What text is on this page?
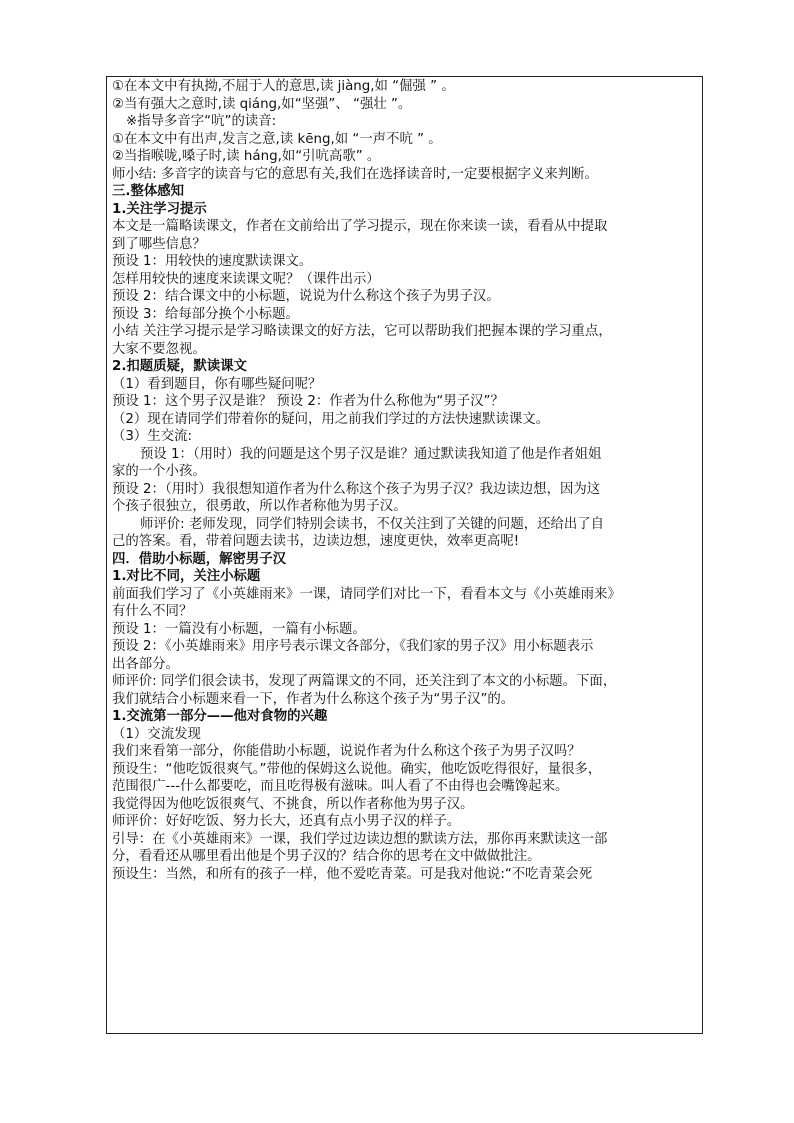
①在本文中有执拗,不屈于人的意思,读 jiàng,如 “倔强 ” 。
②当有强大之意时,读 qiáng,如“坚强”、 “强壮 ”。
※指导多音字“吭”的读音:
①在本文中有出声,发言之意,读 kēng,如 “一声不吭 ” 。
②当指喉咙,嗓子时,读 háng,如“引吭高歌” 。
师小结: 多音字的读音与它的意思有关,我们在选择读音时,一定要根据字义来判断。
三.整体感知
1.关注学习提示
本文是一篇略读课文，作者在文前给出了学习提示，现在你来读一读，看看从中提取
到了哪些信息？
预设 1：用较快的速度默读课文。
怎样用较快的速度来读课文呢？（课件出示）
预设 2：结合课文中的小标题，说说为什么称这个孩子为男子汉。
预设 3：给每部分换个小标题。
小结 关注学习提示是学习略读课文的好方法，它可以帮助我们把握本课的学习重点，
大家不要忽视。
2.扣题质疑，默读课文
（1）看到题目，你有哪些疑问呢？
预设 1：这个男子汉是谁？ 预设 2：作者为什么称他为“男子汉”？
（2）现在请同学们带着你的疑问，用之前我们学过的方法快速默读课文。
（3）生交流:
预设 1：（用时）我的问题是这个男子汉是谁？通过默读我知道了他是作者姐姐
家的一个小孩。
预设 2：（用时）我很想知道作者为什么称这个孩子为男子汉？我边读边想，因为这
个孩子很独立，很勇敢，所以作者称他为男子汉。
师评价: 老师发现，同学们特别会读书，不仅关注到了关键的问题，还给出了自
己的答案。看，带着问题去读书，边读边想，速度更快，效率更高呢!
四．借助小标题，解密男子汉
1.对比不同，关注小标题
前面我们学习了《小英雄雨来》一课，请同学们对比一下，看看本文与《小英雄雨来》
有什么不同？
预设 1：一篇没有小标题，一篇有小标题。
预设 2：《小英雄雨来》用序号表示课文各部分，《我们家的男子汉》用小标题表示
出各部分。
师评价: 同学们很会读书，发现了两篇课文的不同，还关注到了本文的小标题。下面，
我们就结合小标题来看一下，作者为什么称这个孩子为“男子汉”的。
1.交流第一部分——他对食物的兴趣
（1）交流发现
我们来看第一部分，你能借助小标题，说说作者为什么称这个孩子为男子汉吗？
预设生：“他吃饭很爽气。”带他的保姆这么说他。确实，他吃饭吃得很好，量很多，
范围很广---什么都要吃，而且吃得极有滋味。叫人看了不由得也会嘴馋起来。
我觉得因为他吃饭很爽气、不挑食，所以作者称他为男子汉。
师评价：好好吃饭、努力长大，还真有点小男子汉的样子。
引导：在《小英雄雨来》一课，我们学过边读边想的默读方法，那你再来默读这一部
分，看看还从哪里看出他是个男子汉的？结合你的思考在文中做做批注。
预设生：当然，和所有的孩子一样，他不爱吃青菜。可是我对他说:“不吃青菜会死
